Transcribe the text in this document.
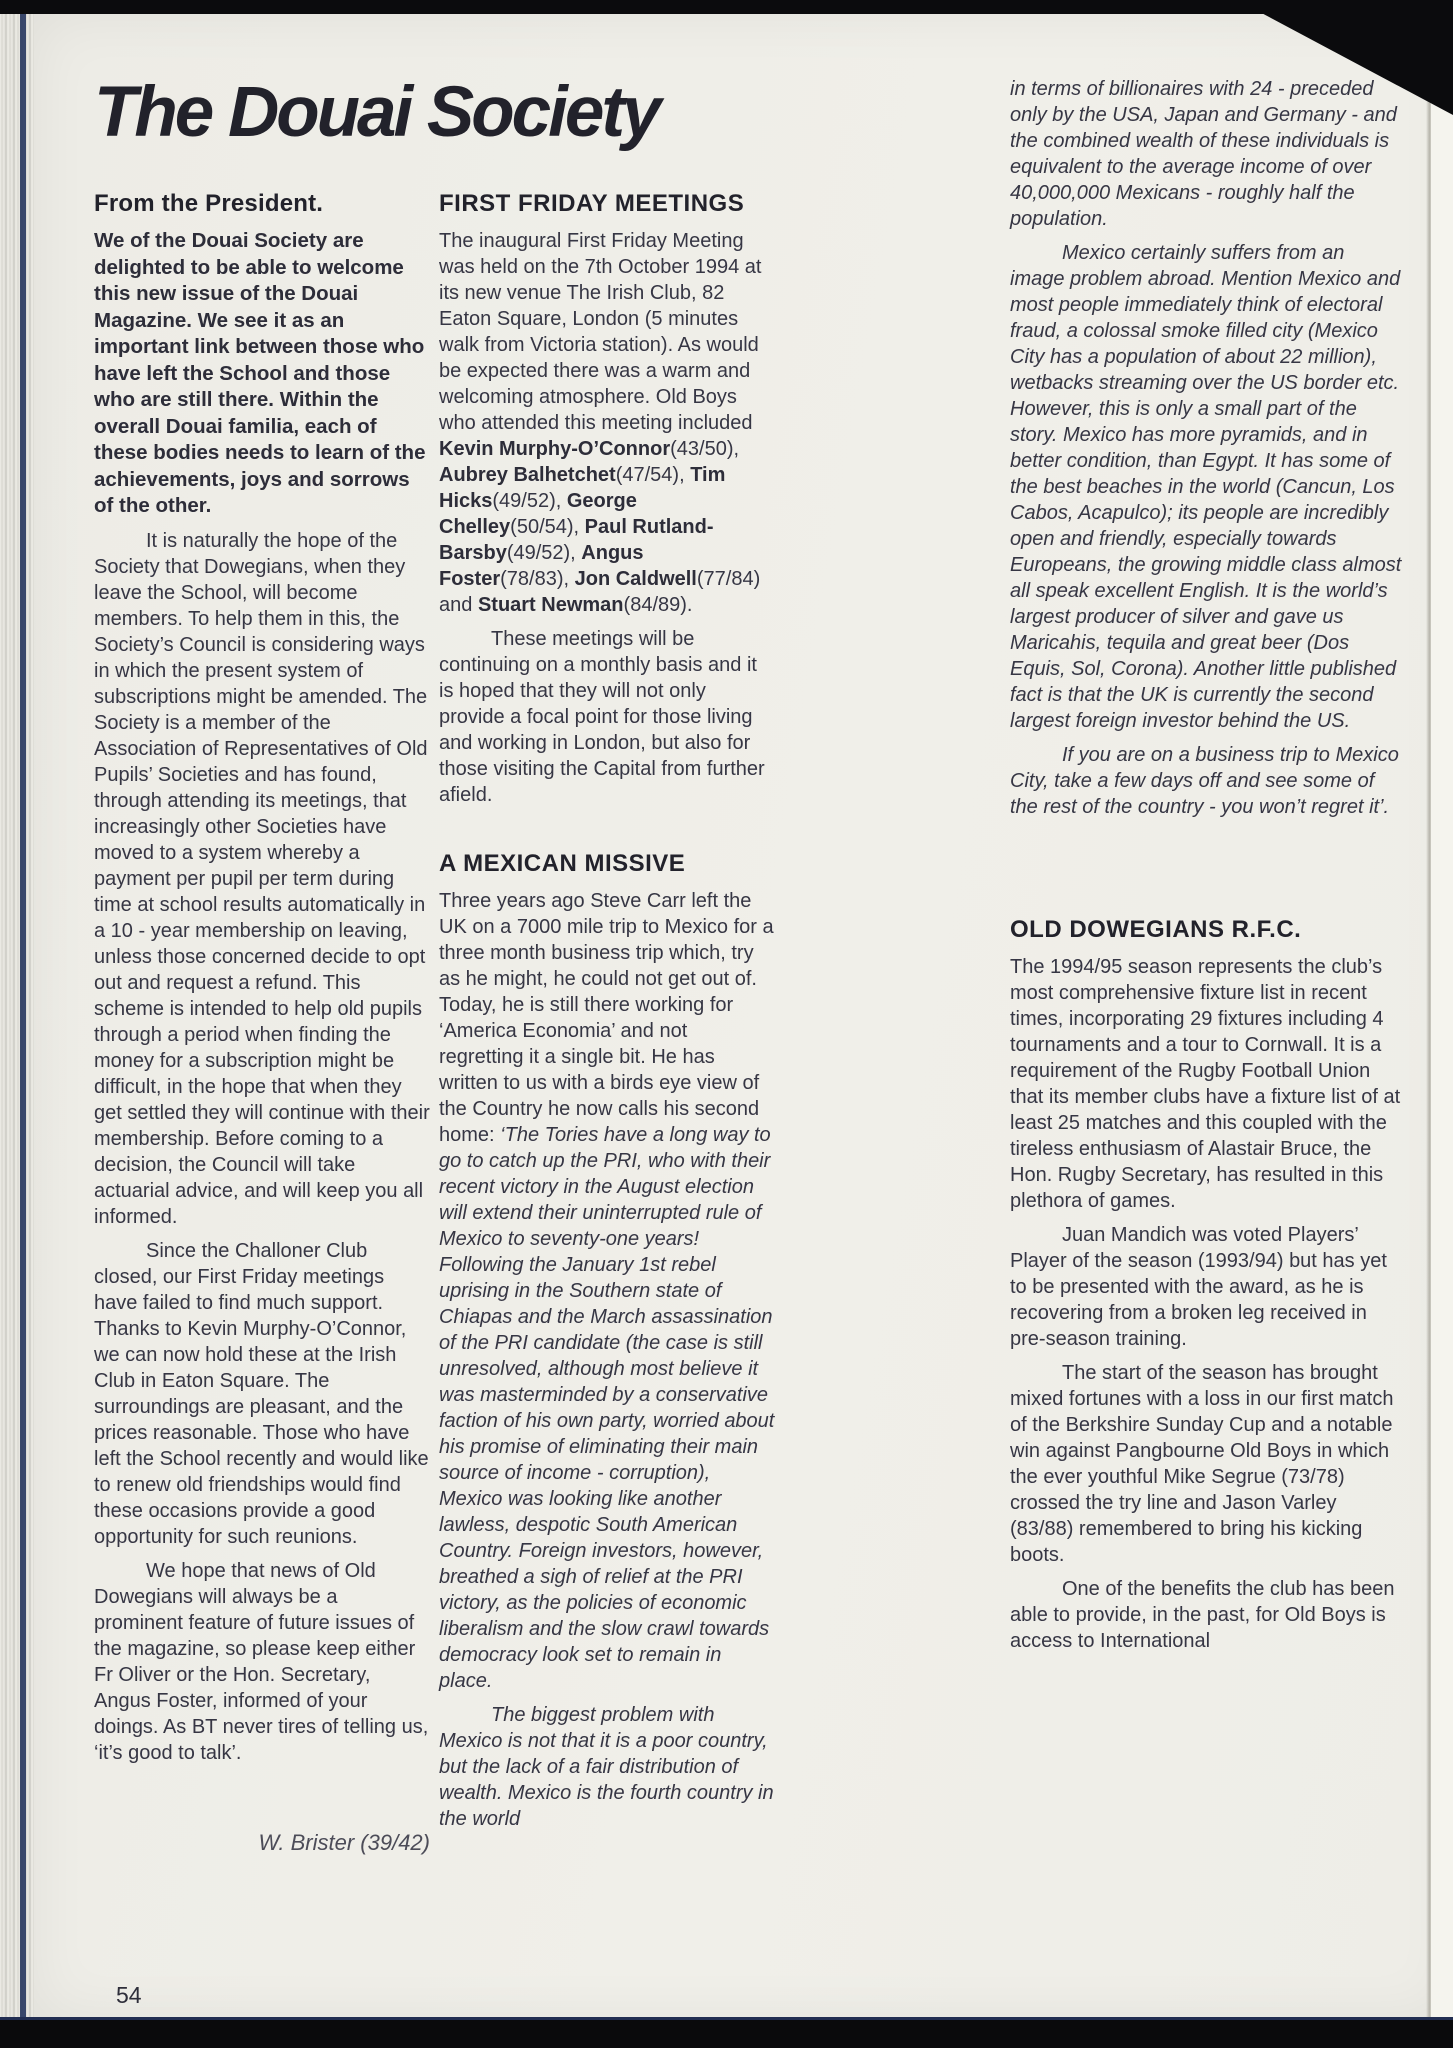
The Douai Society
From the President.

We of the Douai Society are delighted to be able to welcome this new issue of the Douai Magazine. We see it as an important link between those who have left the School and those who are still there. Within the overall Douai familia, each of these bodies needs to learn of the achievements, joys and sorrows of the other.

It is naturally the hope of the Society that Dowegians, when they leave the School, will become members. To help them in this, the Society’s Council is considering ways in which the present system of subscriptions might be amended. The Society is a member of the Association of Representatives of Old Pupils’ Societies and has found, through attending its meetings, that increasingly other Societies have moved to a system whereby a payment per pupil per term during time at school results automatically in a 10 - year membership on leaving, unless those concerned decide to opt out and request a refund. This scheme is intended to help old pupils through a period when finding the money for a subscription might be difficult, in the hope that when they get settled they will continue with their membership. Before coming to a decision, the Council will take actuarial advice, and will keep you all informed.

Since the Challoner Club closed, our First Friday meetings have failed to find much support. Thanks to Kevin Murphy-O’Connor, we can now hold these at the Irish Club in Eaton Square. The surroundings are pleasant, and the prices reasonable. Those who have left the School recently and would like to renew old friendships would find these occasions provide a good opportunity for such reunions.

We hope that news of Old Dowegians will always be a prominent feature of future issues of the magazine, so please keep either Fr Oliver or the Hon. Secretary, Angus Foster, informed of your doings. As BT never tires of telling us, ‘it’s good to talk’.

W. Brister (39/42)
FIRST FRIDAY MEETINGS

The inaugural First Friday Meeting was held on the 7th October 1994 at its new venue The Irish Club, 82 Eaton Square, London (5 minutes walk from Victoria station). As would be expected there was a warm and welcoming atmosphere. Old Boys who attended this meeting included Kevin Murphy-O’Connor(43/50), Aubrey Balhetchet(47/54), Tim Hicks(49/52), George Chelley(50/54), Paul Rutland-Barsby(49/52), Angus Foster(78/83), Jon Caldwell(77/84) and Stuart Newman(84/89).

These meetings will be continuing on a monthly basis and it is hoped that they will not only provide a focal point for those living and working in London, but also for those visiting the Capital from further afield.

A MEXICAN MISSIVE

Three years ago Steve Carr left the UK on a 7000 mile trip to Mexico for a three month business trip which, try as he might, he could not get out of. Today, he is still there working for ‘America Economia’ and not regretting it a single bit. He has written to us with a birds eye view of the Country he now calls his second home: ‘The Tories have a long way to go to catch up the PRI, who with their recent victory in the August election will extend their uninterrupted rule of Mexico to seventy-one years! Following the January 1st rebel uprising in the Southern state of Chiapas and the March assassination of the PRI candidate (the case is still unresolved, although most believe it was masterminded by a conservative faction of his own party, worried about his promise of eliminating their main source of income - corruption), Mexico was looking like another lawless, despotic South American Country. Foreign investors, however, breathed a sigh of relief at the PRI victory, as the policies of economic liberalism and the slow crawl towards democracy look set to remain in place.

The biggest problem with Mexico is not that it is a poor country, but the lack of a fair distribution of wealth. Mexico is the fourth country in the world

in terms of billionaires with 24 - preceded only by the USA, Japan and Germany - and the combined wealth of these individuals is equivalent to the average income of over 40,000,000 Mexicans - roughly half the population.

Mexico certainly suffers from an image problem abroad. Mention Mexico and most people immediately think of electoral fraud, a colossal smoke filled city (Mexico City has a population of about 22 million), wetbacks streaming over the US border etc. However, this is only a small part of the story. Mexico has more pyramids, and in better condition, than Egypt. It has some of the best beaches in the world (Cancun, Los Cabos, Acapulco); its people are incredibly open and friendly, especially towards Europeans, the growing middle class almost all speak excellent English. It is the world’s largest producer of silver and gave us Maricahis, tequila and great beer (Dos Equis, Sol, Corona). Another little published fact is that the UK is currently the second largest foreign investor behind the US.

If you are on a business trip to Mexico City, take a few days off and see some of the rest of the country - you won’t regret it’.

OLD DOWEGIANS R.F.C.

The 1994/95 season represents the club’s most comprehensive fixture list in recent times, incorporating 29 fixtures including 4 tournaments and a tour to Cornwall. It is a requirement of the Rugby Football Union that its member clubs have a fixture list of at least 25 matches and this coupled with the tireless enthusiasm of Alastair Bruce, the Hon. Rugby Secretary, has resulted in this plethora of games.

Juan Mandich was voted Players’ Player of the season (1993/94) but has yet to be presented with the award, as he is recovering from a broken leg received in pre-season training.

The start of the season has brought mixed fortunes with a loss in our first match of the Berkshire Sunday Cup and a notable win against Pangbourne Old Boys in which the ever youthful Mike Segrue (73/78) crossed the try line and Jason Varley (83/88) remembered to bring his kicking boots.

One of the benefits the club has been able to provide, in the past, for Old Boys is access to International

54
